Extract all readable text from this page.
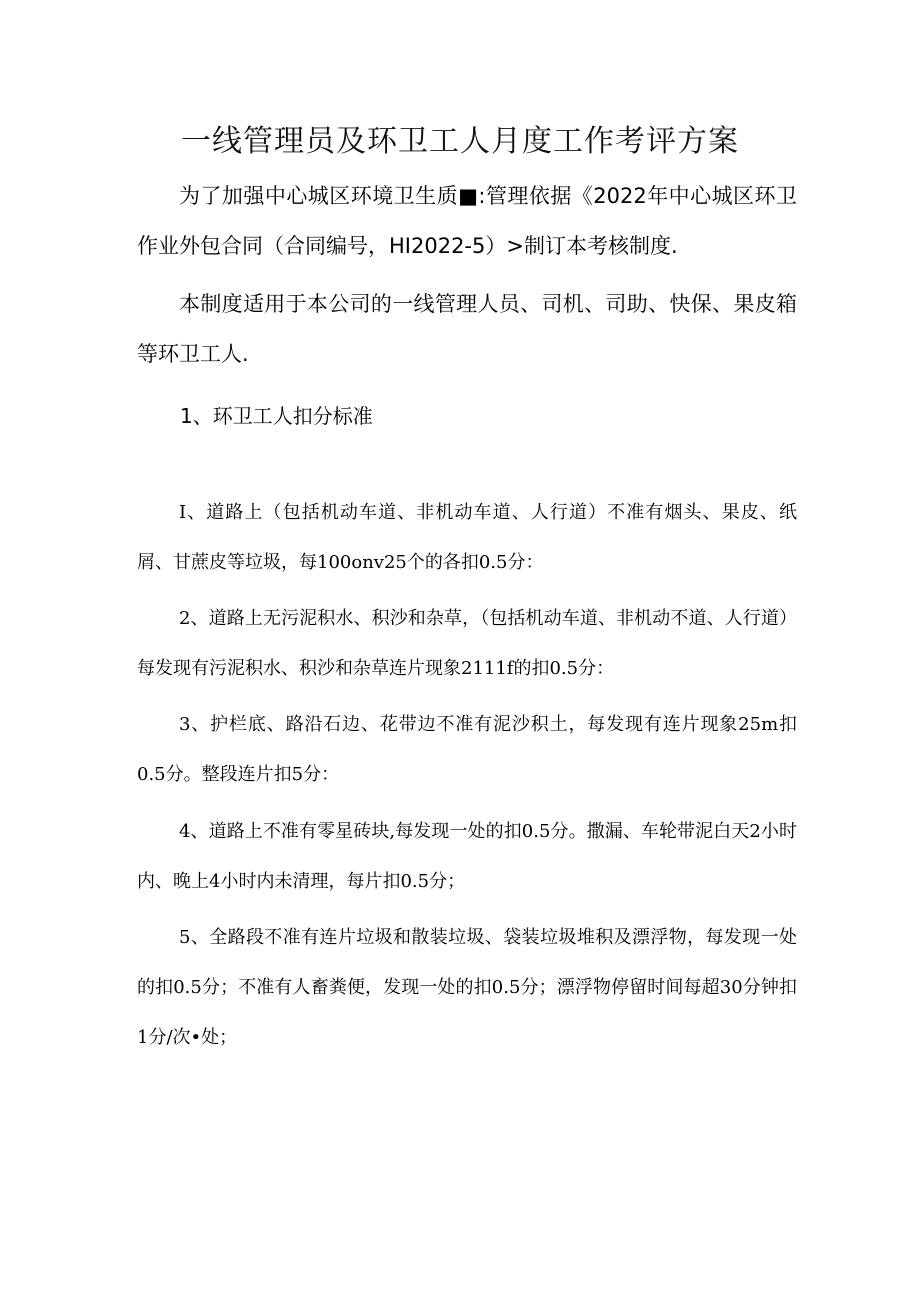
一线管理员及环卫工人月度工作考评方案

为了加强中心城区环境卫生质■:管理依据《2022年中心城区环卫作业外包合同（合同编号，HI2022-5）>制订本考核制度.

本制度适用于本公司的一线管理人员、司机、司助、快保、果皮箱等环卫工人.

1、环卫工人扣分标准

I、道路上（包括机动车道、非机动车道、人行道）不准有烟头、果皮、纸屑、甘蔗皮等垃圾，每100onv25个的各扣0.5分：

2、道路上无污泥积水、积沙和杂草，（包括机动车道、非机动不道、人行道）每发现有污泥积水、积沙和杂草连片现象2111f的扣0.5分：

3、护栏底、路沿石边、花带边不准有泥沙积土，每发现有连片现象25m扣0.5分。整段连片扣5分：

4、道路上不准有零星砖块,每发现一处的扣0.5分。撒漏、车轮带泥白天2小时内、晚上4小时内未清理，每片扣0.5分；

5、全路段不准有连片垃圾和散装垃圾、袋装垃圾堆积及漂浮物，每发现一处的扣0.5分；不准有人畜粪便，发现一处的扣0.5分；漂浮物停留时间每超30分钟扣1分/次•处；
